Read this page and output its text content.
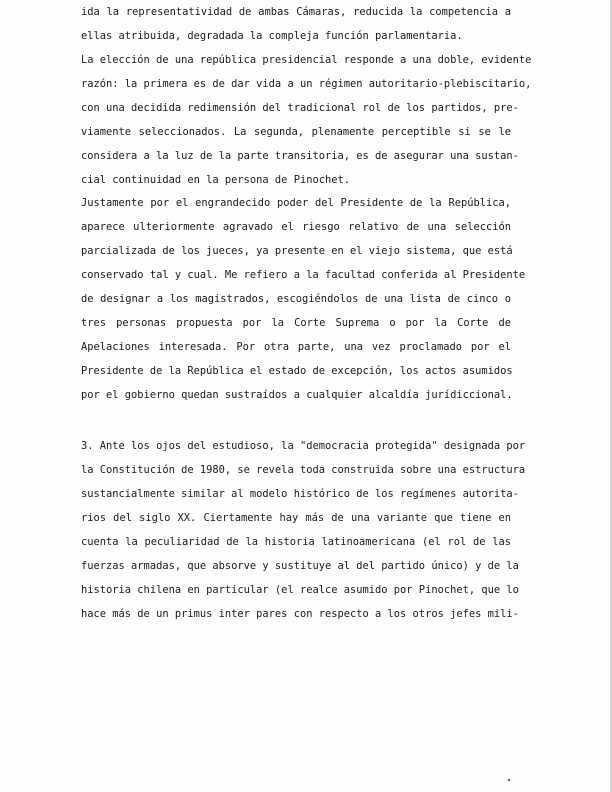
ida la representatividad de ambas Cámaras, reducida la competencia a
ellas atribuida, degradada la compleja función parlamentaria.
La elección de una república presidencial responde a una doble, evidente
razón: la primera es de dar vida a un régimen autoritario-plebiscitario,
con una decidida redimensión del tradicional rol de los partidos, pre-
viamente seleccionados. La segunda, plenamente perceptible si se le
considera a la luz de la parte transitoria, es de asegurar una sustan-
cial continuidad en la persona de Pinochet.
Justamente por el engrandecido poder del Presidente de la República,
aparece ulteriormente agravado el riesgo relativo de una selección
parcializada de los jueces, ya presente en el viejo sistema, que está
conservado tal y cual. Me refiero a la facultad conferida al Presidente
de designar a los magistrados, escogiéndolos de una lista de cinco o
tres personas propuesta por la Corte Suprema o por la Corte de
Apelaciones interesada. Por otra parte, una vez proclamado por el
Presidente de la República el estado de excepción, los actos asumidos
por el gobierno quedan sustraídos a cualquier alcaldía jurídiccional.
3. Ante los ojos del estudioso, la "democracia protegida" designada por
la Constitución de 1980, se revela toda construida sobre una estructura
sustancialmente similar al modelo histórico de los regímenes autorita-
rios del siglo XX. Ciertamente hay más de una variante que tiene en
cuenta la peculiaridad de la historia latinoamericana (el rol de las
fuerzas armadas, que absorve y sustituye al del partido único) y de la
historia chilena en particular (el realce asumido por Pinochet, que lo
hace más de un primus inter pares con respecto a los otros jefes mili-
